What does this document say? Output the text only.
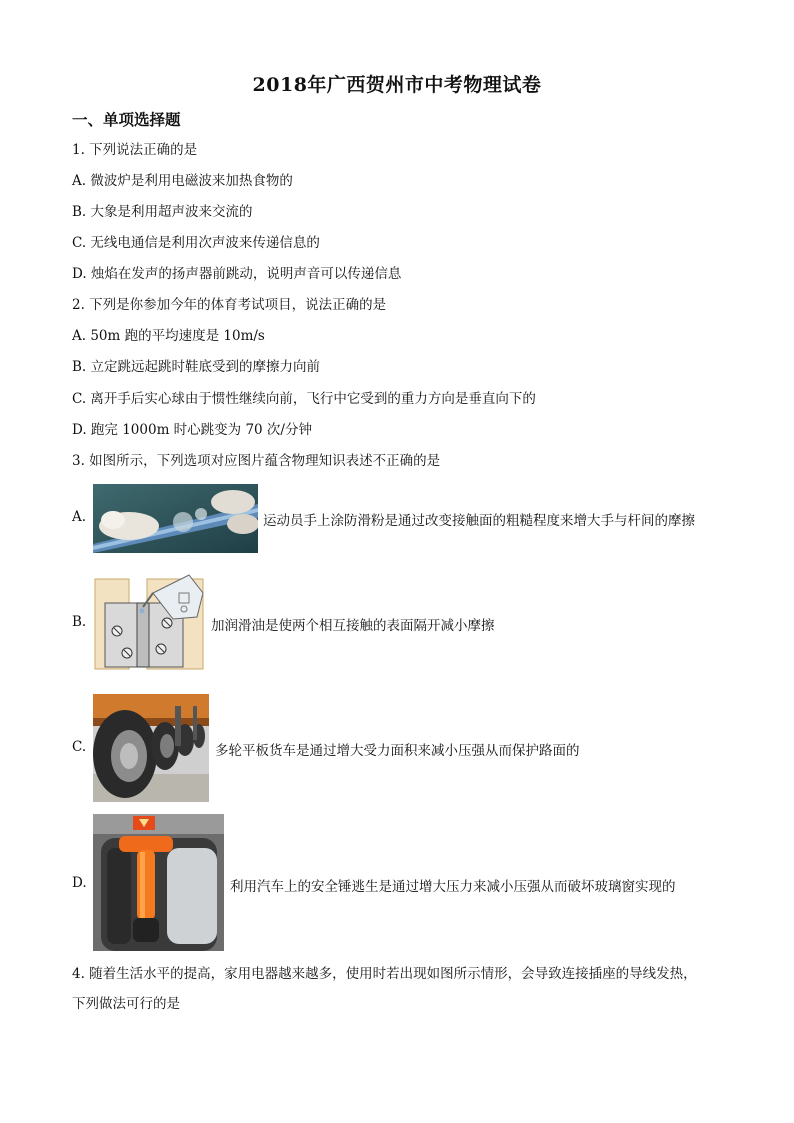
2018年广西贺州市中考物理试卷
一、单项选择题
1. 下列说法正确的是
A. 微波炉是利用电磁波来加热食物的
B. 大象是利用超声波来交流的
C. 无线电通信是利用次声波来传递信息的
D. 烛焰在发声的扬声器前跳动，说明声音可以传递信息
2. 下列是你参加今年的体育考试项目，说法正确的是
A. 50m 跑的平均速度是 10m/s
B. 立定跳远起跳时鞋底受到的摩擦力向前
C. 离开手后实心球由于惯性继续向前，飞行中它受到的重力方向是垂直向下的
D. 跑完 1000m 时心跳变为 70 次/分钟
3. 如图所示，下列选项对应图片蕴含物理知识表述不正确的是
A.	运动员手上涂防滑粉是通过改变接触面的粗糙程度来增大手与杆间的摩擦
B.	加润滑油是使两个相互接触的表面隔开减小摩擦
C.	多轮平板货车是通过增大受力面积来减小压强从而保护路面的
D.	利用汽车上的安全锤逃生是通过增大压力来减小压强从而破坏玻璃窗实现的
4. 随着生活水平的提高，家用电器越来越多，使用时若出现如图所示情形，会导致连接插座的导线发热，
下列做法可行的是
